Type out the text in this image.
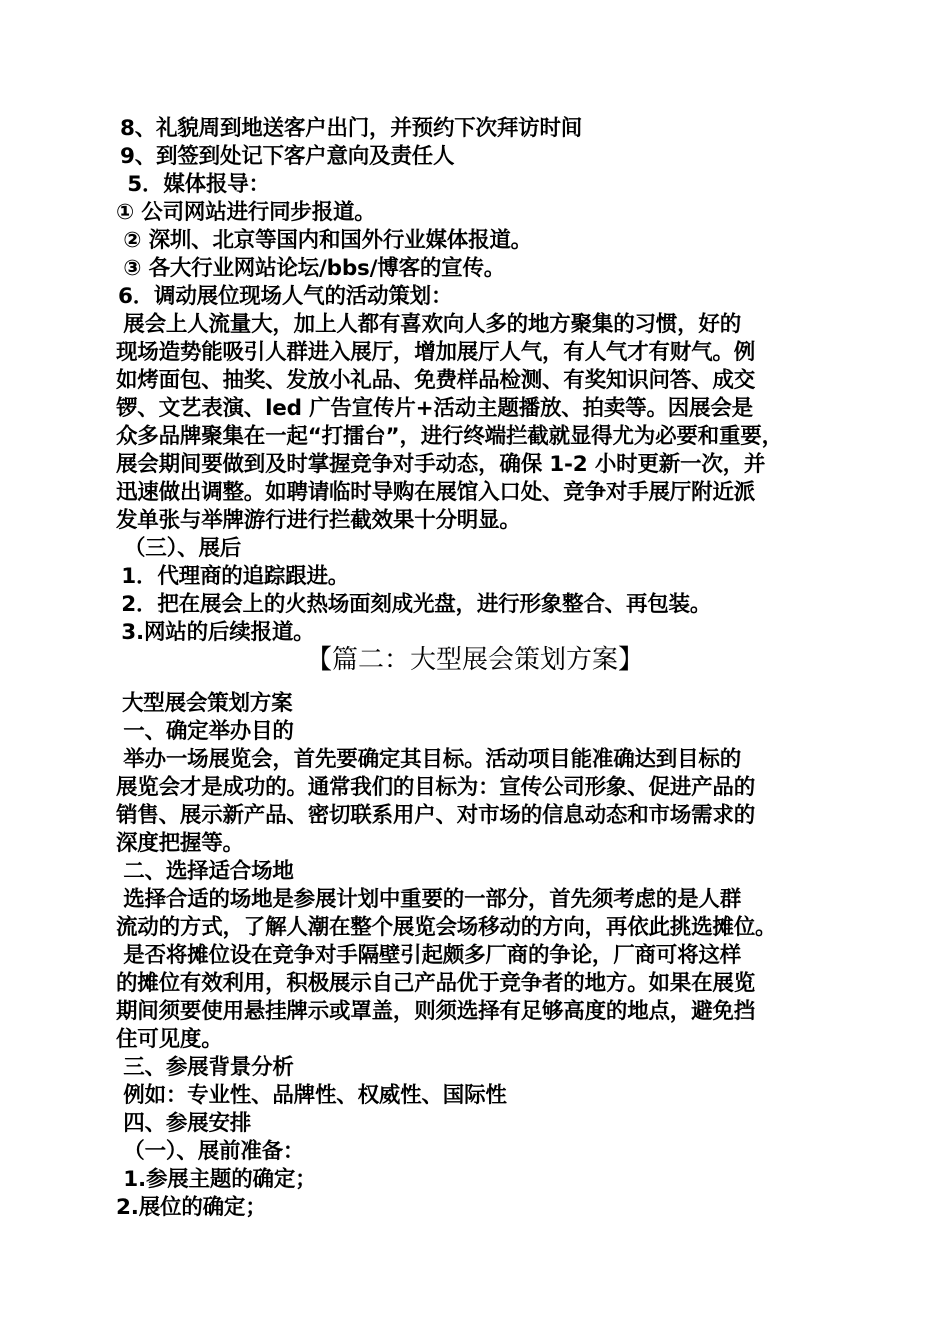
8、礼貌周到地送客户出门，并预约下次拜访时间
9、到签到处记下客户意向及责任人
5．媒体报导：
① 公司网站进行同步报道。
② 深圳、北京等国内和国外行业媒体报道。
③ 各大行业网站论坛/bbs/博客的宣传。
6．调动展位现场人气的活动策划：
展会上人流量大，加上人都有喜欢向人多的地方聚集的习惯，好的
现场造势能吸引人群进入展厅，增加展厅人气，有人气才有财气。例
如烤面包、抽奖、发放小礼品、免费样品检测、有奖知识问答、成交
锣、文艺表演、led 广告宣传片+活动主题播放、拍卖等。因展会是
众多品牌聚集在一起“打擂台”，进行终端拦截就显得尤为必要和重要，
展会期间要做到及时掌握竞争对手动态，确保 1-2 小时更新一次，并
迅速做出调整。如聘请临时导购在展馆入口处、竞争对手展厅附近派
发单张与举牌游行进行拦截效果十分明显。
（三）、展后
1．代理商的追踪跟进。
2．把在展会上的火热场面刻成光盘，进行形象整合、再包装。
3.网站的后续报道。
【篇二：大型展会策划方案】
大型展会策划方案
一、确定举办目的
举办一场展览会，首先要确定其目标。活动项目能准确达到目标的
展览会才是成功的。通常我们的目标为：宣传公司形象、促进产品的
销售、展示新产品、密切联系用户、对市场的信息动态和市场需求的
深度把握等。
二、选择适合场地
选择合适的场地是参展计划中重要的一部分，首先须考虑的是人群
流动的方式，了解人潮在整个展览会场移动的方向，再依此挑选摊位。
是否将摊位设在竞争对手隔壁引起颇多厂商的争论，厂商可将这样
的摊位有效利用，积极展示自己产品优于竞争者的地方。如果在展览
期间须要使用悬挂牌示或罩盖，则须选择有足够高度的地点，避免挡
住可见度。
三、参展背景分析
例如：专业性、品牌性、权威性、国际性
四、参展安排
（一）、展前准备：
1.参展主题的确定；
2.展位的确定；
